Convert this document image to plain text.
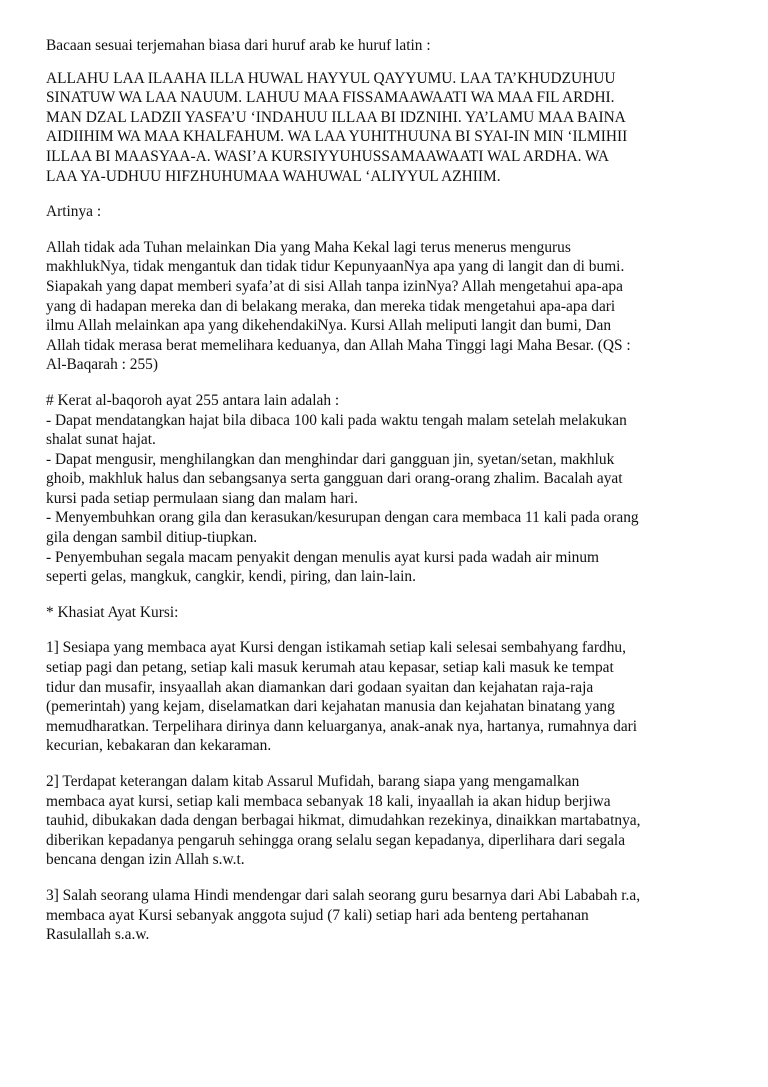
Bacaan sesuai terjemahan biasa dari huruf arab ke huruf latin :

ALLAHU LAA ILAAHA ILLA HUWAL HAYYUL QAYYUMU. LAA TA’KHUDZUHUU
SINATUW WA LAA NAUUM. LAHUU MAA FISSAMAAWAATI WA MAA FIL ARDHI.
MAN DZAL LADZII YASFA’U ‘INDAHUU ILLAA BI IDZNIHI. YA’LAMU MAA BAINA
AIDIIHIM WA MAA KHALFAHUM. WA LAA YUHITHUUNA BI SYAI-IN MIN ‘ILMIHII
ILLAA BI MAASYAA-A. WASI’A KURSIYYUHUSSAMAAWAATI WAL ARDHA. WA
LAA YA-UDHUU HIFZHUHUMAA WAHUWAL ‘ALIYYUL AZHIIM.

Artinya :

Allah tidak ada Tuhan melainkan Dia yang Maha Kekal lagi terus menerus mengurus
makhlukNya, tidak mengantuk dan tidak tidur KepunyaanNya apa yang di langit dan di bumi.
Siapakah yang dapat memberi syafa’at di sisi Allah tanpa izinNya? Allah mengetahui apa-apa
yang di hadapan mereka dan di belakang meraka, dan mereka tidak mengetahui apa-apa dari
ilmu Allah melainkan apa yang dikehendakiNya. Kursi Allah meliputi langit dan bumi, Dan
Allah tidak merasa berat memelihara keduanya, dan Allah Maha Tinggi lagi Maha Besar. (QS :
Al-Baqarah : 255)

# Kerat al-baqoroh ayat 255 antara lain adalah :

- Dapat mendatangkan hajat bila dibaca 100 kali pada waktu tengah malam setelah melakukan
shalat sunat hajat.

- Dapat mengusir, menghilangkan dan menghindar dari gangguan jin, syetan/setan, makhluk
ghoib, makhluk halus dan sebangsanya serta gangguan dari orang-orang zhalim. Bacalah ayat
kursi pada setiap permulaan siang dan malam hari.

- Menyembuhkan orang gila dan kerasukan/kesurupan dengan cara membaca 11 kali pada orang
gila dengan sambil ditiup-tiupkan.

- Penyembuhan segala macam penyakit dengan menulis ayat kursi pada wadah air minum
seperti gelas, mangkuk, cangkir, kendi, piring, dan lain-lain.

* Khasiat Ayat Kursi:

1] Sesiapa yang membaca ayat Kursi dengan istikamah setiap kali selesai sembahyang fardhu,
setiap pagi dan petang, setiap kali masuk kerumah atau kepasar, setiap kali masuk ke tempat
tidur dan musafir, insyaallah akan diamankan dari godaan syaitan dan kejahatan raja-raja
(pemerintah) yang kejam, diselamatkan dari kejahatan manusia dan kejahatan binatang yang
memudharatkan. Terpelihara dirinya dann keluarganya, anak-anak nya, hartanya, rumahnya dari
kecurian, kebakaran dan kekaraman.

2] Terdapat keterangan dalam kitab Assarul Mufidah, barang siapa yang mengamalkan
membaca ayat kursi, setiap kali membaca sebanyak 18 kali, inyaallah ia akan hidup berjiwa
tauhid, dibukakan dada dengan berbagai hikmat, dimudahkan rezekinya, dinaikkan martabatnya,
diberikan kepadanya pengaruh sehingga orang selalu segan kepadanya, diperlihara dari segala
bencana dengan izin Allah s.w.t.

3] Salah seorang ulama Hindi mendengar dari salah seorang guru besarnya dari Abi Lababah r.a,
membaca ayat Kursi sebanyak anggota sujud (7 kali) setiap hari ada benteng pertahanan
Rasulallah s.a.w.
